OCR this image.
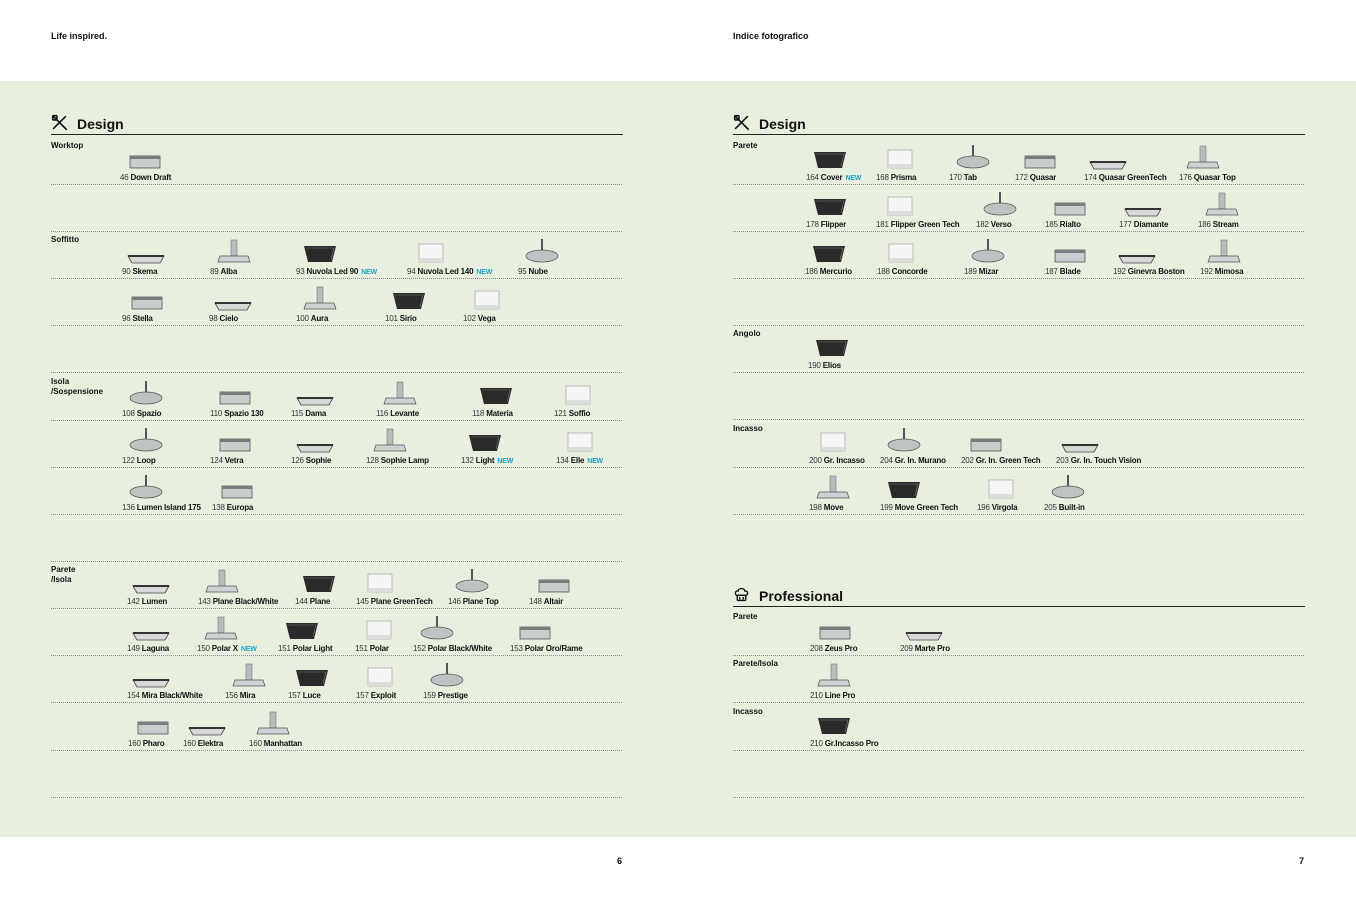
Life inspired.	Indice fotografico
Design	Design
Professional
Worktop
46 Down Draft
Soffitto
90 Skema	89 Alba	93 Nuvola Led 90 NEW	94 Nuvola Led 140 NEW	95 Nube
96 Stella	98 Cielo	100 Aura	101 Sirio	102 Vega
Isola
/Sospensione
108 Spazio	110 Spazio 130	115 Dama	116 Levante	118 Materia	121 Soffio
122 Loop	124 Vetra	126 Sophie	128 Sophie Lamp	132 Light NEW	134 Elle NEW
136 Lumen Island 175 138 Europa
Parete
/Isola
142 Lumen	143 Plane Black/White 144 Plane	145 Plane GreenTech 146 Plane Top	148 Altair
149 Laguna	150 Polar X NEW	151 Polar Light	151 Polar	152 Polar Black/White 153 Polar Oro/Rame
154 Mira Black/White	156 Mira	157 Luce	157 Exploit	159 Prestige
160 Pharo 160 Elektra	160 Manhattan
Parete
164 Cover NEW 168 Prisma	170 Tab	172 Quasar	174 Quasar GreenTech 176 Quasar Top
178 Flipper	181 Flipper Green Tech 182 Verso	185 Rialto	177 Diamante	186 Stream
186 Mercurio	188 Concorde	189 Mizar	187 Blade	192 Ginevra Boston 192 Mimosa
Angolo
190 Elios
Incasso
200 Gr. Incasso 204 Gr. In. Murano 202 Gr. In. Green Tech 203 Gr. In. Touch Vision
198 Move	199 Move Green Tech 196 Virgola	205 Built-in
Parete
208 Zeus Pro	209 Marte Pro
Parete/Isola
210 Line Pro
Incasso
210 Gr.Incasso Pro
6	7
